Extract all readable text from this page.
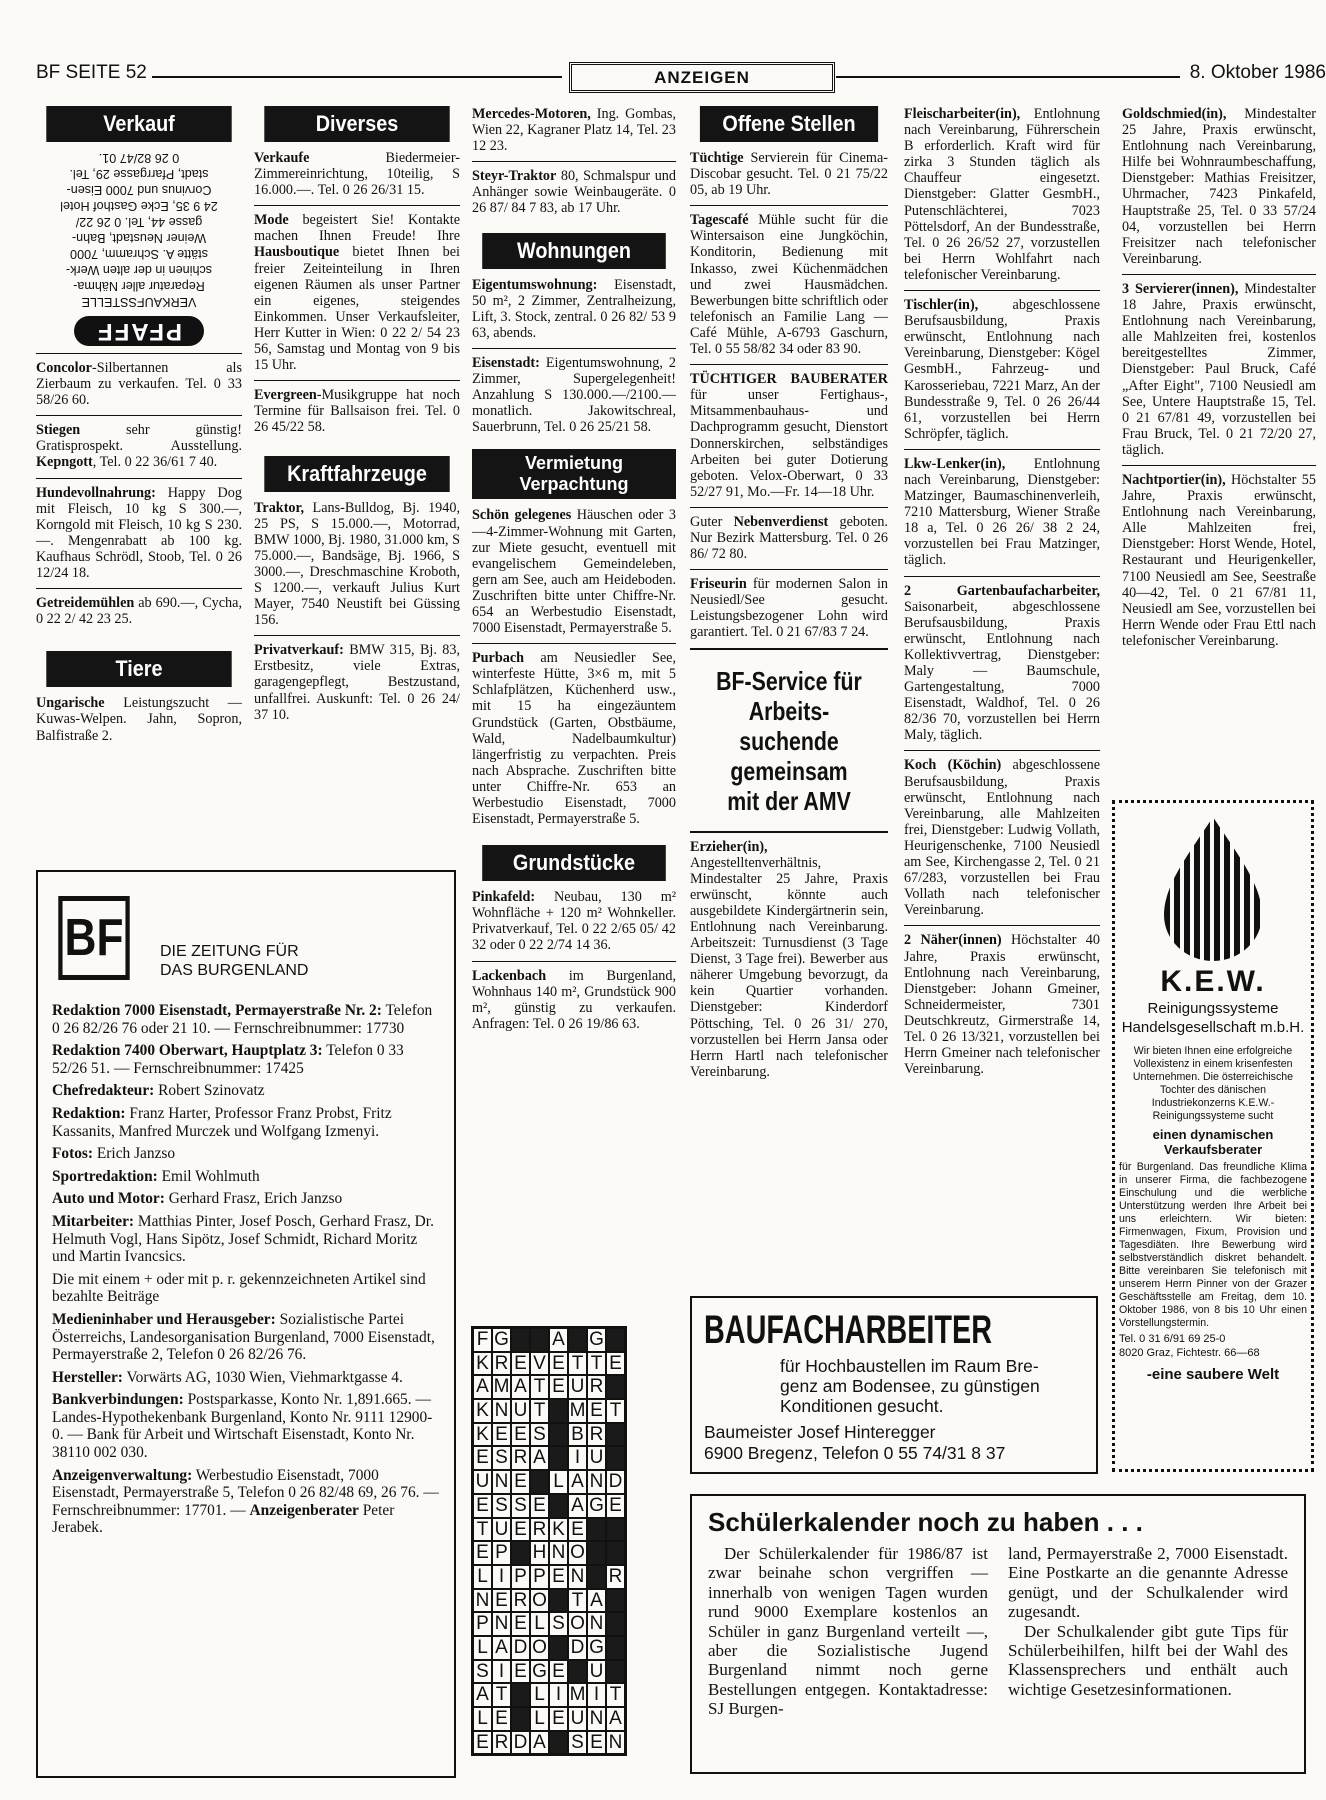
BF SEITE 52	ANZEIGEN	8. Oktober 1986
Verkauf
PFAFF
VERKAUFSSTELLE
Reparatur aller Nähma-
schinen in der alten Werk-
stätte A. Schramm, 7000
Weiner Neustadt, Bahn-
gasse 44, Tel. 0 26 22/
24 9 35, Ecke Gasthof Hotel
Corvinus und 7000 Eisen-
stadt, Pfarrgasse 29, Tel.
0 26 82/47 01.

Concolor-Silbertannen als Zierbaum zu verkaufen. Tel. 0 33 58/26 60.

Stiegen sehr günstig! Gratisprospekt. Ausstellung. Kepngott, Tel. 0 22 36/61 7 40.

Hundevollnahrung: Happy Dog mit Fleisch, 10 kg S 300.—, Korngold mit Fleisch, 10 kg S 230.—. Mengenrabatt ab 100 kg. Kaufhaus Schrödl, Stoob, Tel. 0 26 12/24 18.

Getreidemühlen ab 690.—, Cycha, 0 22 2/ 42 23 25.

Tiere

Ungarische Leistungszucht — Kuwas-Welpen. Jahn, Sopron, Balfistraße 2.

Diverses

Verkaufe Biedermeier-Zimmereinrichtung, 10teilig, S 16.000.—. Tel. 0 26 26/31 15.

Mode begeistert Sie! Kontakte machen Ihnen Freude! Ihre Hausboutique bietet Ihnen bei freier Zeiteinteilung in Ihren eigenen Räumen als unser Partner ein eigenes, steigendes Einkommen. Unser Verkaufsleiter, Herr Kutter in Wien: 0 22 2/ 54 23 56, Samstag und Montag von 9 bis 15 Uhr.

Evergreen-Musikgruppe hat noch Termine für Ballsaison frei. Tel. 0 26 45/22 58.

Kraftfahrzeuge

Traktor, Lans-Bulldog, Bj. 1940, 25 PS, S 15.000.—, Motorrad, BMW 1000, Bj. 1980, 31.000 km, S 75.000.—, Bandsäge, Bj. 1966, S 3000.—, Dreschmaschine Kroboth, S 1200.—, verkauft Julius Kurt Mayer, 7540 Neustift bei Güssing 156.

Privatverkauf: BMW 315, Bj. 83, Erstbesitz, viele Extras, garagengepflegt, Bestzustand, unfallfrei. Auskunft: Tel. 0 26 24/ 37 10.

Mercedes-Motoren, Ing. Gombas, Wien 22, Kagraner Platz 14, Tel. 23 12 23.

Steyr-Traktor 80, Schmalspur und Anhänger sowie Weinbaugeräte. 0 26 87/ 84 7 83, ab 17 Uhr.

Wohnungen

Eigentumswohnung: Eisenstadt, 50 m², 2 Zimmer, Zentralheizung, Lift, 3. Stock, zentral. 0 26 82/ 53 9 63, abends.

Eisenstadt: Eigentumswohnung, 2 Zimmer, Supergelegenheit! Anzahlung S 130.000.—/2100.— monatlich. Jakowitschreal, Sauerbrunn, Tel. 0 26 25/21 58.

Vermietung
Verpachtung

Schön gelegenes Häuschen oder 3—4-Zimmer-Wohnung mit Garten, zur Miete gesucht, eventuell mit evangelischem Gemeindeleben, gern am See, auch am Heideboden. Zuschriften bitte unter Chiffre-Nr. 654 an Werbestudio Eisenstadt, 7000 Eisenstadt, Permayerstraße 5.

Purbach am Neusiedler See, winterfeste Hütte, 3×6 m, mit 5 Schlafplätzen, Küchenherd usw., mit 15 ha eingezäuntem Grundstück (Garten, Obstbäume, Wald, Nadelbaumkultur) längerfristig zu verpachten. Preis nach Absprache. Zuschriften bitte unter Chiffre-Nr. 653 an Werbestudio Eisenstadt, 7000 Eisenstadt, Permayerstraße 5.

Grundstücke

Pinkafeld: Neubau, 130 m² Wohnfläche + 120 m² Wohnkeller. Privatverkauf, Tel. 0 22 2/65 05/ 42 32 oder 0 22 2/74 14 36.

Lackenbach im Burgenland, Wohnhaus 140 m², Grundstück 900 m², günstig zu verkaufen. Anfragen: Tel. 0 26 19/86 63.

Offene Stellen

Tüchtige Servierein für Cinema-Discobar gesucht. Tel. 0 21 75/22 05, ab 19 Uhr.

Tagescafé Mühle sucht für die Wintersaison eine Jungköchin, Konditorin, Bedienung mit Inkasso, zwei Küchenmädchen und zwei Hausmädchen. Bewerbungen bitte schriftlich oder telefonisch an Familie Lang — Café Mühle, A-6793 Gaschurn, Tel. 0 55 58/82 34 oder 83 90.

TÜCHTIGER BAUBERATER für unser Fertighaus-, Mitsammenbauhaus- und Dachprogramm gesucht, Dienstort Donnerskirchen, selbständiges Arbeiten bei guter Dotierung geboten. Velox-Oberwart, 0 33 52/27 91, Mo.—Fr. 14—18 Uhr.

Guter Nebenverdienst geboten. Nur Bezirk Mattersburg. Tel. 0 26 86/ 72 80.

Friseurin für modernen Salon in Neusiedl/See gesucht. Leistungsbezogener Lohn wird garantiert. Tel. 0 21 67/83 7 24.

BF-Service für
Arbeits-
suchende
gemeinsam
mit der AMV

Erzieher(in), Angestelltenverhältnis, Mindestalter 25 Jahre, Praxis erwünscht, könnte auch ausgebildete Kindergärtnerin sein, Entlohnung nach Vereinbarung. Arbeitszeit: Turnusdienst (3 Tage Dienst, 3 Tage frei). Bewerber aus näherer Umgebung bevorzugt, da kein Quartier vorhanden. Dienstgeber: Kinderdorf Pöttsching, Tel. 0 26 31/ 270, vorzustellen bei Herrn Jansa oder Herrn Hartl nach telefonischer Vereinbarung.

Fleischarbeiter(in), Entlohnung nach Vereinbarung, Führerschein B erforderlich. Kraft wird für zirka 3 Stunden täglich als Chauffeur eingesetzt. Dienstgeber: Glatter GesmbH., Putenschlächterei, 7023 Pöttelsdorf, An der Bundesstraße, Tel. 0 26 26/52 27, vorzustellen bei Herrn Wohlfahrt nach telefonischer Vereinbarung.

Tischler(in), abgeschlossene Berufsausbildung, Praxis erwünscht, Entlohnung nach Vereinbarung, Dienstgeber: Kögel GesmbH., Fahrzeug- und Karosseriebau, 7221 Marz, An der Bundesstraße 9, Tel. 0 26 26/44 61, vorzustellen bei Herrn Schröpfer, täglich.

Lkw-Lenker(in), Entlohnung nach Vereinbarung, Dienstgeber: Matzinger, Baumaschinenverleih, 7210 Mattersburg, Wiener Straße 18 a, Tel. 0 26 26/ 38 2 24, vorzustellen bei Frau Matzinger, täglich.

2 Gartenbaufacharbeiter, Saisonarbeit, abgeschlossene Berufsausbildung, Praxis erwünscht, Entlohnung nach Kollektivvertrag, Dienstgeber: Maly — Baumschule, Gartengestaltung, 7000 Eisenstadt, Waldhof, Tel. 0 26 82/36 70, vorzustellen bei Herrn Maly, täglich.

Koch (Köchin) abgeschlossene Berufsausbildung, Praxis erwünscht, Entlohnung nach Vereinbarung, alle Mahlzeiten frei, Dienstgeber: Ludwig Vollath, Heurigenschenke, 7100 Neusiedl am See, Kirchengasse 2, Tel. 0 21 67/283, vorzustellen bei Frau Vollath nach telefonischer Vereinbarung.

2 Näher(innen) Höchstalter 40 Jahre, Praxis erwünscht, Entlohnung nach Vereinbarung, Dienstgeber: Johann Gmeiner, Schneidermeister, 7301 Deutschkreutz, Girmerstraße 14, Tel. 0 26 13/321, vorzustellen bei Herrn Gmeiner nach telefonischer Vereinbarung.

Goldschmied(in), Mindestalter 25 Jahre, Praxis erwünscht, Entlohnung nach Vereinbarung, Hilfe bei Wohnraumbeschaffung, Dienstgeber: Mathias Freisitzer, Uhrmacher, 7423 Pinkafeld, Hauptstraße 25, Tel. 0 33 57/24 04, vorzustellen bei Herrn Freisitzer nach telefonischer Vereinbarung.

3 Servierer(innen), Mindestalter 18 Jahre, Praxis erwünscht, Entlohnung nach Vereinbarung, alle Mahlzeiten frei, kostenlos bereitgestelltes Zimmer, Dienstgeber: Paul Bruck, Café „After Eight", 7100 Neusiedl am See, Untere Hauptstraße 15, Tel. 0 21 67/81 49, vorzustellen bei Frau Bruck, Tel. 0 21 72/20 27, täglich.

Nachtportier(in), Höchstalter 55 Jahre, Praxis erwünscht, Entlohnung nach Vereinbarung, Alle Mahlzeiten frei, Dienstgeber: Horst Wende, Hotel, Restaurant und Heurigenkeller, 7100 Neusiedl am See, Seestraße 40—42, Tel. 0 21 67/81 11, Neusiedl am See, vorzustellen bei Herrn Wende oder Frau Ettl nach telefonischer Vereinbarung.

K.E.W.
Reinigungssysteme
Handelsgesellschaft m.b.H.

Wir bieten Ihnen eine erfolgreiche Vollexistenz in einem krisenfesten Unternehmen. Die österreichische Tochter des dänischen Industriekonzerns K.E.W.-Reinigungssysteme sucht

einen dynamischen Verkaufsberater

für Burgenland. Das freundliche Klima in unserer Firma, die fachbezogene Einschulung und die werbliche Unterstützung werden Ihre Arbeit bei uns erleichtern. Wir bieten: Firmenwagen, Fixum, Provision und Tagesdiäten. Ihre Bewerbung wird selbstverständlich diskret behandelt. Bitte vereinbaren Sie telefonisch mit unserem Herrn Pinner von der Grazer Geschäftsstelle am Freitag, dem 10. Oktober 1986, von 8 bis 10 Uhr einen Vorstellungstermin.

Tel. 0 31 6/91 69 25-0
8020 Graz, Fichtestr. 66—68
-eine saubere Welt
BF	DIE ZEITUNG FÜR
DAS BURGENLAND

Redaktion 7000 Eisenstadt, Permayerstraße Nr. 2: Telefon 0 26 82/26 76 oder 21 10. — Fernschreibnummer: 17730

Redaktion 7400 Oberwart, Hauptplatz 3: Telefon 0 33 52/26 51. — Fernschreibnummer: 17425

Chefredakteur: Robert Szinovatz

Redaktion: Franz Harter, Professor Franz Probst, Fritz Kassanits, Manfred Murczek und Wolfgang Izmenyi.

Fotos: Erich Janzso

Sportredaktion: Emil Wohlmuth

Auto und Motor: Gerhard Frasz, Erich Janzso

Mitarbeiter: Matthias Pinter, Josef Posch, Gerhard Frasz, Dr. Helmuth Vogl, Hans Sipötz, Josef Schmidt, Richard Moritz und Martin Ivancsics.

Die mit einem + oder mit p. r. gekennzeichneten Artikel sind bezahlte Beiträge

Medieninhaber und Herausgeber: Sozialistische Partei Österreichs, Landesorganisation Burgenland, 7000 Eisenstadt, Permayerstraße 2, Telefon 0 26 82/26 76.

Hersteller: Vorwärts AG, 1030 Wien, Viehmarktgasse 4.

Bankverbindungen: Postsparkasse, Konto Nr. 1,891.665. — Landes-Hypothekenbank Burgenland, Konto Nr. 9111 12900-0. — Bank für Arbeit und Wirtschaft Eisenstadt, Konto Nr. 38110 002 030.

Anzeigenverwaltung: Werbestudio Eisenstadt, 7000 Eisenstadt, Permayerstraße 5, Telefon 0 26 82/48 69, 26 76. — Fernschreibnummer: 17701. — Anzeigenberater Peter Jerabek.

F G A G
K R E V E T T E
A M A T E U R
K N U T M E T
K E E S B R
E S R A	I U
U N E L A N D
E S S E A G E
T U E R K E
E P H N O
L I P P E N R
N E R O T A
P N E L S O N
L A D O D G
S I E G E U
A T L I M I T
L E L E U N A
E R D A S E N
BAUFACHARBEITER
für Hochbaustellen im Raum Bre-
genz am Bodensee, zu günstigen
Konditionen gesucht.
Baumeister Josef Hinteregger
6900 Bregenz, Telefon 0 55 74/31 8 37
Schülerkalender noch zu haben . . .

Der Schülerkalender für 1986/87 ist zwar beinahe schon vergriffen — innerhalb von wenigen Tagen wurden rund 9000 Exemplare kostenlos an Schüler in ganz Burgenland verteilt —, aber die Sozialistische Jugend Burgenland nimmt noch gerne Bestellungen entgegen. Kontaktadresse: SJ Burgen-

land, Permayerstraße 2, 7000 Eisenstadt. Eine Postkarte an die genannte Adresse genügt, und der Schulkalender wird zugesandt.

Der Schulkalender gibt gute Tips für Schülerbeihilfen, hilft bei der Wahl des Klassensprechers und enthält auch wichtige Gesetzesinformationen.
